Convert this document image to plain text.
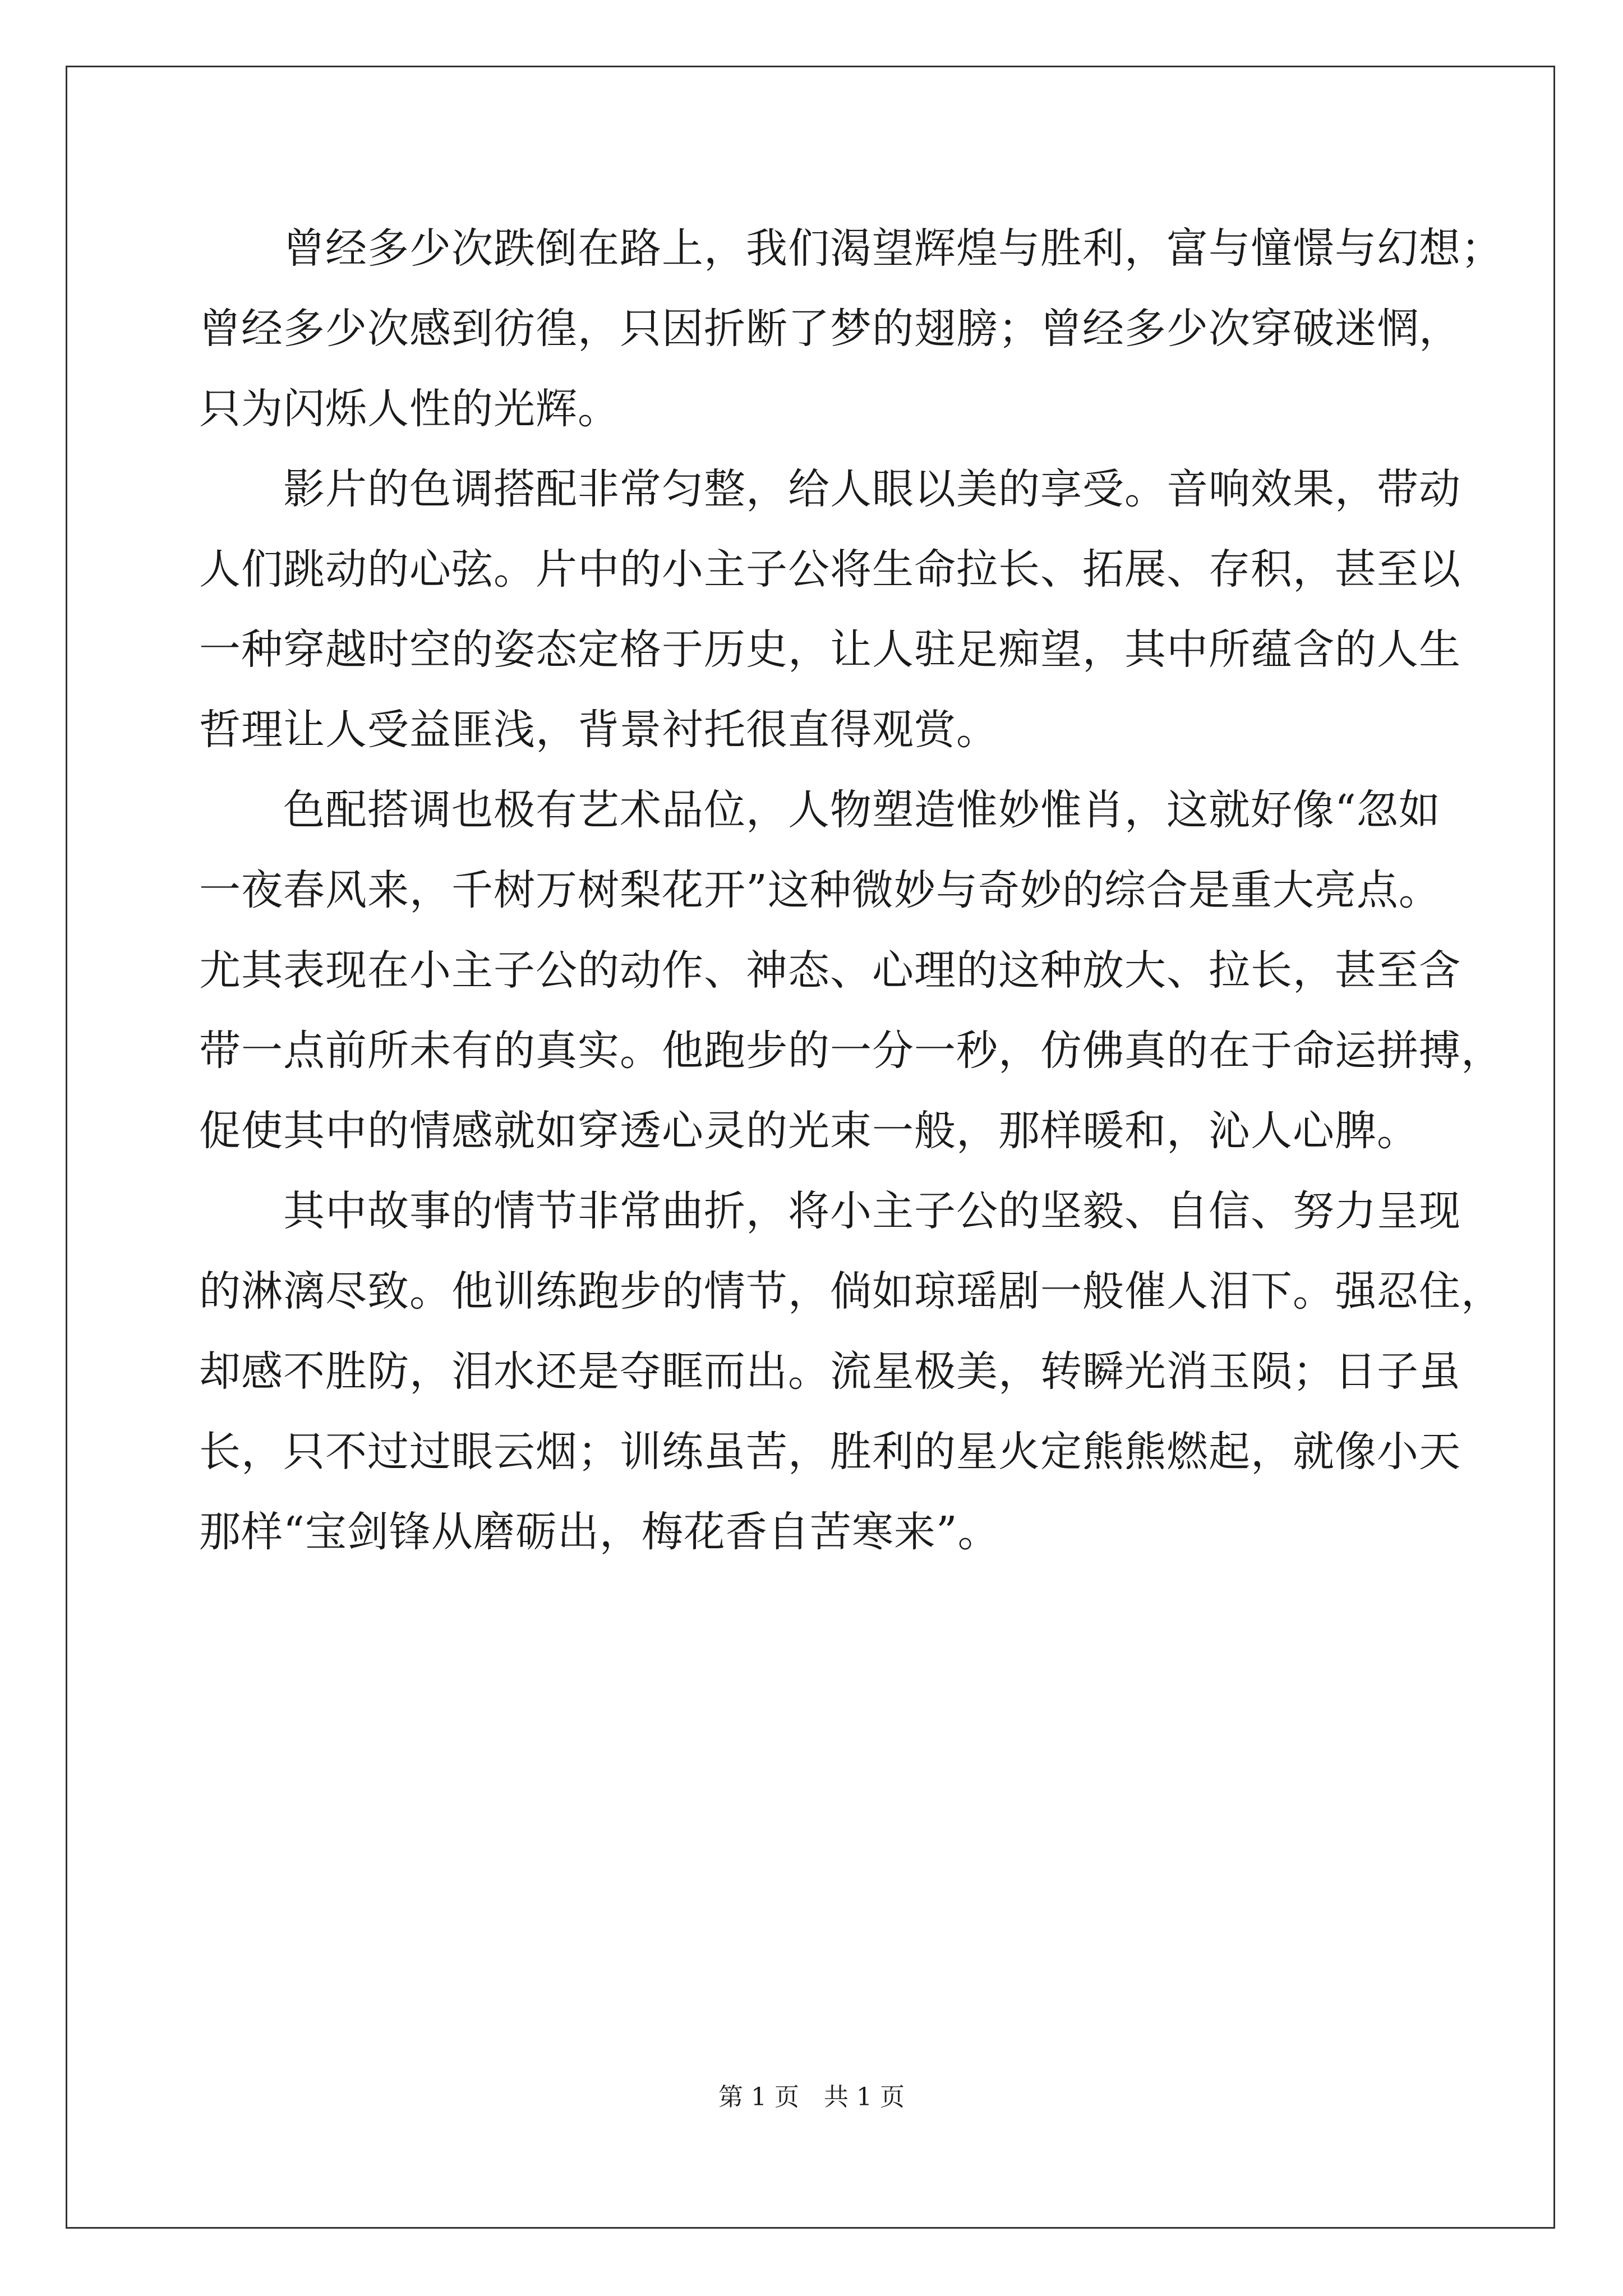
　　曾经多少次跌倒在路上，我们渴望辉煌与胜利，富与憧憬与幻想；
曾经多少次感到彷徨，只因折断了梦的翅膀；曾经多少次穿破迷惘，
只为闪烁人性的光辉。
　　影片的色调搭配非常匀整，给人眼以美的享受。音响效果，带动
人们跳动的心弦。片中的小主子公将生命拉长、拓展、存积，甚至以
一种穿越时空的姿态定格于历史，让人驻足痴望，其中所蕴含的人生
哲理让人受益匪浅，背景衬托很直得观赏。
　　色配搭调也极有艺术品位，人物塑造惟妙惟肖，这就好像“忽如
一夜春风来，千树万树梨花开”这种微妙与奇妙的综合是重大亮点。
尤其表现在小主子公的动作、神态、心理的这种放大、拉长，甚至含
带一点前所未有的真实。他跑步的一分一秒，仿佛真的在于命运拼搏，
促使其中的情感就如穿透心灵的光束一般，那样暖和，沁人心脾。
　　其中故事的情节非常曲折，将小主子公的坚毅、自信、努力呈现
的淋漓尽致。他训练跑步的情节，倘如琼瑶剧一般催人泪下。强忍住，
却感不胜防，泪水还是夺眶而出。流星极美，转瞬光消玉陨；日子虽
长，只不过过眼云烟；训练虽苦，胜利的星火定熊熊燃起，就像小天
那样“宝剑锋从磨砺出，梅花香自苦寒来”。
第 1 页　共 1 页
